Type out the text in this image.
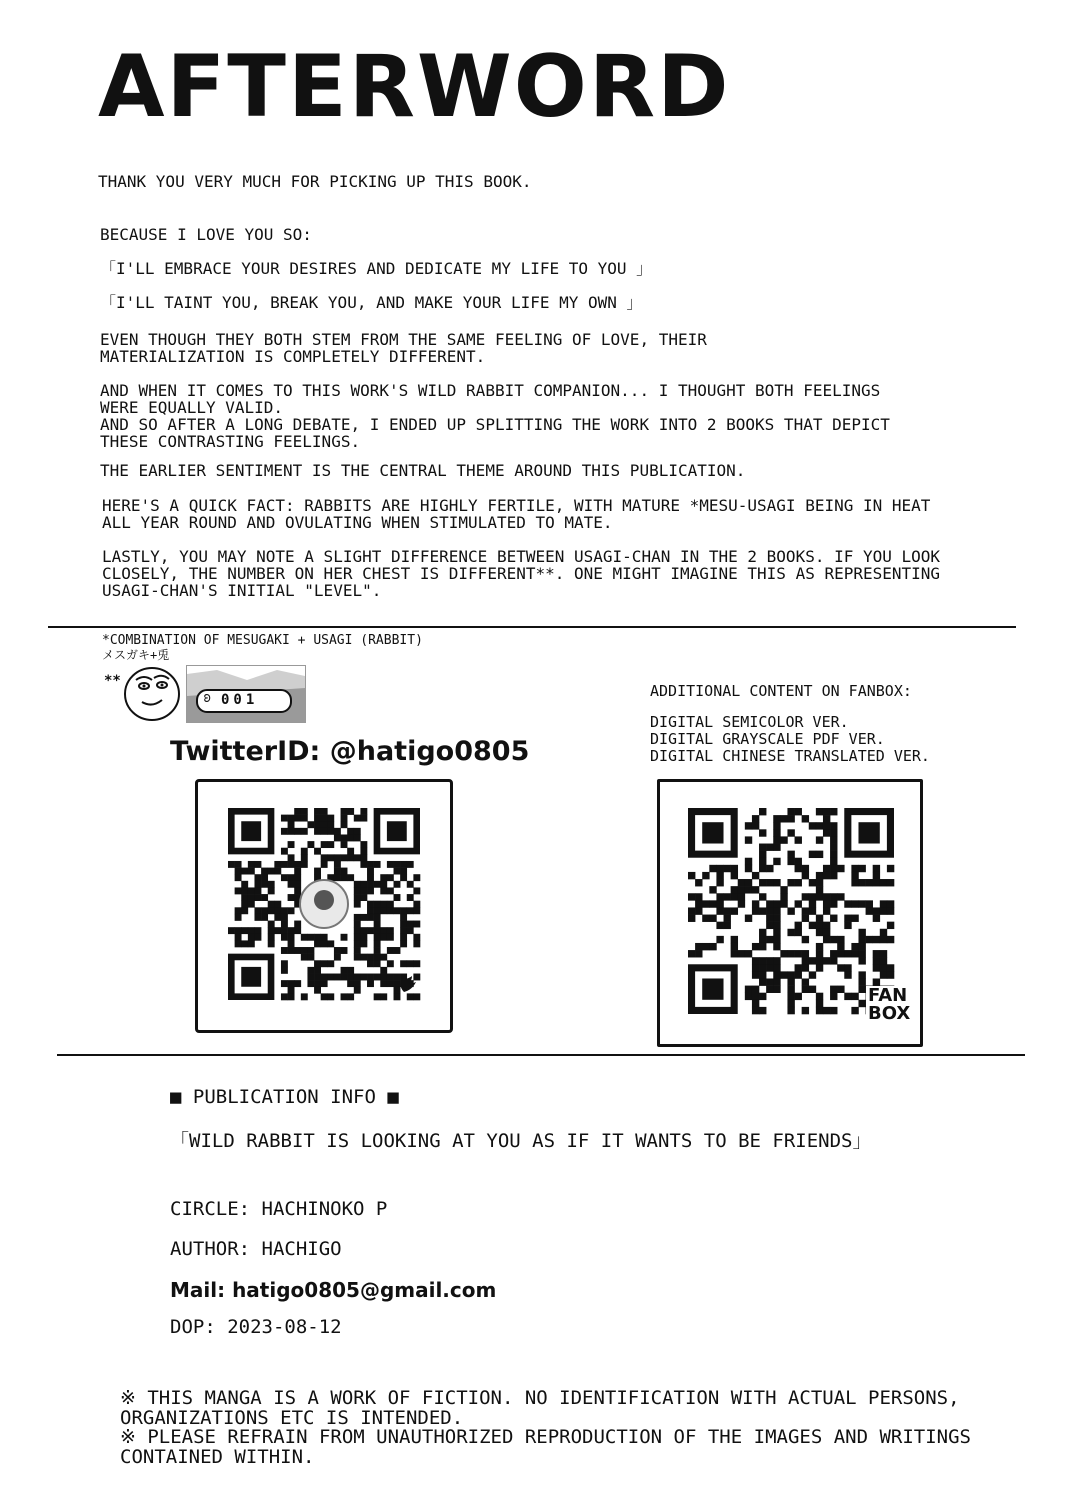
AFTERWORD
THANK YOU VERY MUCH FOR PICKING UP THIS BOOK.
BECAUSE I LOVE YOU SO:
「I'LL EMBRACE YOUR DESIRES AND DEDICATE MY LIFE TO YOU 」
「I'LL TAINT YOU, BREAK YOU, AND MAKE YOUR LIFE MY OWN 」
EVEN THOUGH THEY BOTH STEM FROM THE SAME FEELING OF LOVE, THEIR MATERIALIZATION IS COMPLETELY DIFFERENT.
AND WHEN IT COMES TO THIS WORK'S WILD RABBIT COMPANION... I THOUGHT BOTH FEELINGS WERE EQUALLY VALID.
AND SO AFTER A LONG DEBATE, I ENDED UP SPLITTING THE WORK INTO 2 BOOKS THAT DEPICT THESE CONTRASTING FEELINGS.
THE EARLIER SENTIMENT IS THE CENTRAL THEME AROUND THIS PUBLICATION.
HERE'S A QUICK FACT: RABBITS ARE HIGHLY FERTILE, WITH MATURE *MESU-USAGI BEING IN HEAT ALL YEAR ROUND AND OVULATING WHEN STIMULATED TO MATE.
LASTLY, YOU MAY NOTE A SLIGHT DIFFERENCE BETWEEN USAGI-CHAN IN THE 2 BOOKS. IF YOU LOOK CLOSELY, THE NUMBER ON HER CHEST IS DIFFERENT**. ONE MIGHT IMAGINE THIS AS REPRESENTING USAGI-CHAN'S INITIAL "LEVEL".
*COMBINATION OF MESUGAKI + USAGI (RABBIT)
メスガキ+兎
**
001
ʚ
TwitterID: @hatigo0805
ADDITIONAL CONTENT ON FANBOX:
DIGITAL SEMICOLOR VER.
DIGITAL GRAYSCALE PDF VER.
DIGITAL CHINESE TRANSLATED VER.
FAN
BOX
■ PUBLICATION INFO ■
「WILD RABBIT IS LOOKING AT YOU AS IF IT WANTS TO BE FRIENDS」
CIRCLE: HACHINOKO P
AUTHOR: HACHIGO
Mail: hatigo0805@gmail.com
DOP: 2023-08-12
※ THIS MANGA IS A WORK OF FICTION. NO IDENTIFICATION WITH ACTUAL PERSONS, ORGANIZATIONS ETC IS INTENDED.
※ PLEASE REFRAIN FROM UNAUTHORIZED REPRODUCTION OF THE IMAGES AND WRITINGS CONTAINED WITHIN.
